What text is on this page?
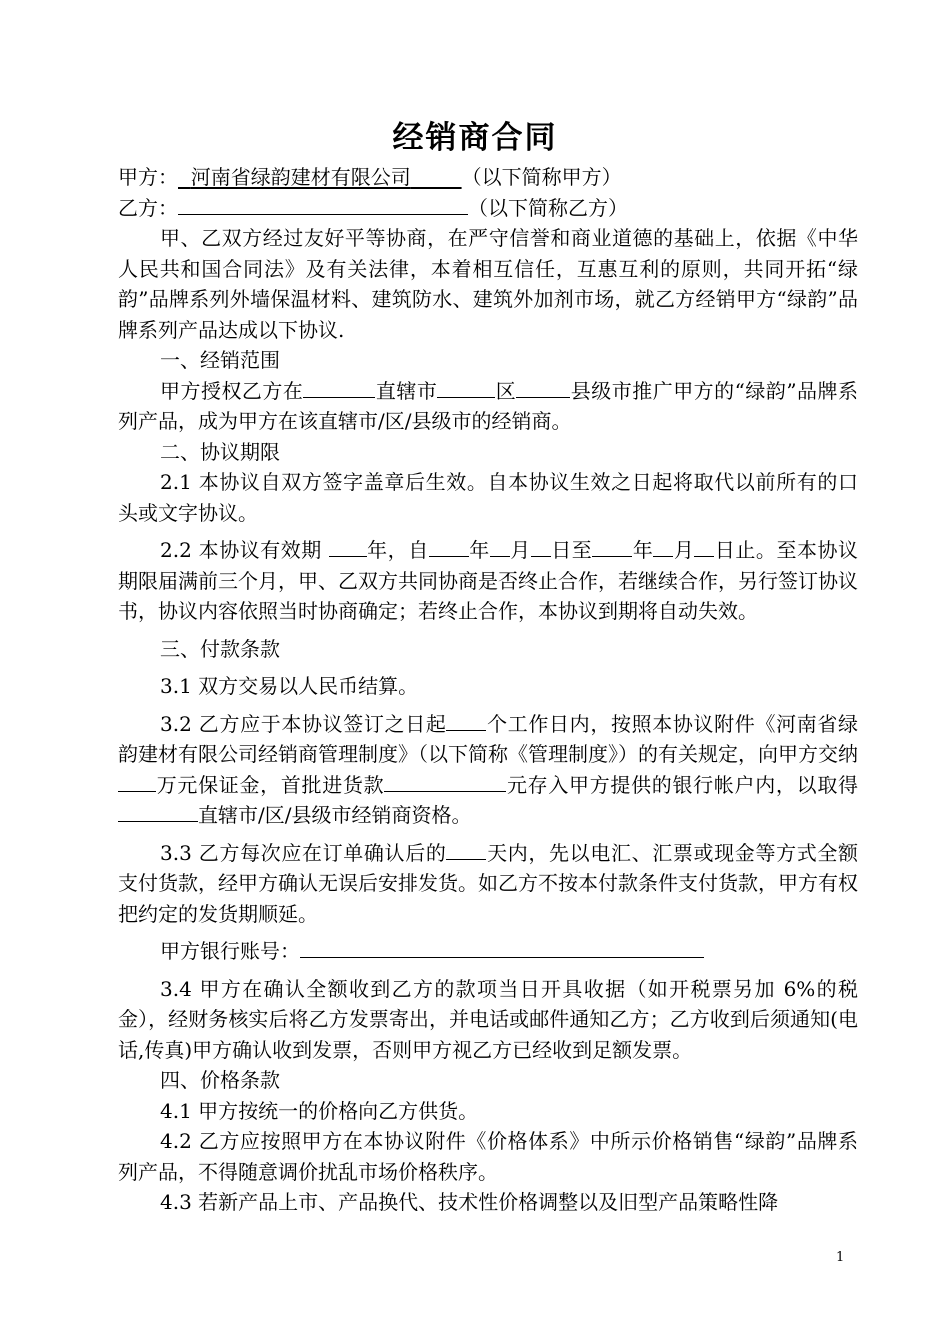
经销商合同

甲方： 河南省绿韵建材有限公司	（以下简称甲方）

乙方：	（以下简称乙方）

甲、乙双方经过友好平等协商，在严守信誉和商业道德的基础上，依据《中华人民共和国合同法》及有关法律，本着相互信任，互惠互利的原则，共同开拓“绿韵”品牌系列外墙保温材料、建筑防水、建筑外加剂市场，就乙方经销甲方“绿韵”品牌系列产品达成以下协议.

一、经销范围

甲方授权乙方在	直辖市	区	县级市推广甲方的“绿韵”品牌系列产品，成为甲方在该直辖市/区/县级市的经销商。

二、协议期限

2.1 本协议自双方签字盖章后生效。自本协议生效之日起将取代以前所有的口头或文字协议。

2.2 本协议有效期 年，自 年 月 日至 年 月 日止。至本协议期限届满前三个月，甲、乙双方共同协商是否终止合作，若继续合作，另行签订协议书，协议内容依照当时协商确定；若终止合作，本协议到期将自动失效。

三、付款条款

3.1 双方交易以人民币结算。

3.2 乙方应于本协议签订之日起 个工作日内，按照本协议附件《河南省绿韵建材有限公司经销商管理制度》（以下简称《管理制度》）的有关规定，向甲方交纳万元保证金，首批进货款	元存入甲方提供的银行帐户内，以取得直辖市/区/县级市经销商资格。

3.3 乙方每次应在订单确认后的 天内，先以电汇、汇票或现金等方式全额支付货款，经甲方确认无误后安排发货。如乙方不按本付款条件支付货款，甲方有权把约定的发货期顺延。

甲方银行账号：

3.4 甲方在确认全额收到乙方的款项当日开具收据（如开税票另加 6%的税金），经财务核实后将乙方发票寄出，并电话或邮件通知乙方；乙方收到后须通知(电话,传真)甲方确认收到发票，否则甲方视乙方已经收到足额发票。

四、价格条款

4.1 甲方按统一的价格向乙方供货。

4.2 乙方应按照甲方在本协议附件《价格体系》中所示价格销售“绿韵”品牌系列产品，不得随意调价扰乱市场价格秩序。

4.3 若新产品上市、产品换代、技术性价格调整以及旧型产品策略性降

1
